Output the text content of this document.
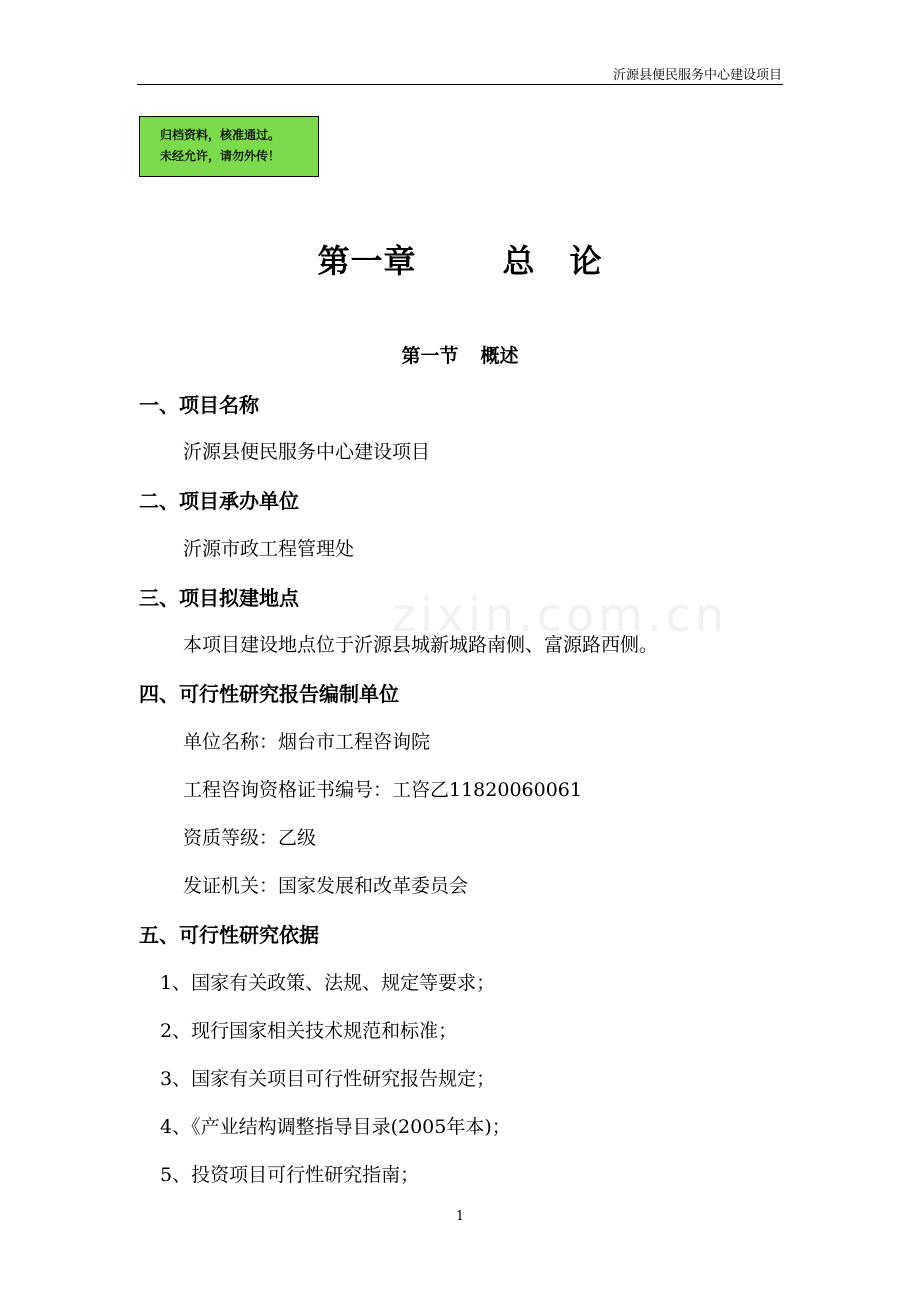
沂源县便民服务中心建设项目
归档资料，核准通过。
未经允许，请勿外传！
第一章	总 论
第一节 概述
一、项目名称
沂源县便民服务中心建设项目
二、项目承办单位
沂源市政工程管理处
三、项目拟建地点
本项目建设地点位于沂源县城新城路南侧、富源路西侧。
zixin.com.cn
四、可行性研究报告编制单位
单位名称：烟台市工程咨询院
工程咨询资格证书编号：工咨乙11820060061
资质等级：乙级
发证机关：国家发展和改革委员会
五、可行性研究依据
1、国家有关政策、法规、规定等要求；
2、现行国家相关技术规范和标准；
3、国家有关项目可行性研究报告规定；
4、《产业结构调整指导目录(2005年本)；
5、投资项目可行性研究指南；
1
